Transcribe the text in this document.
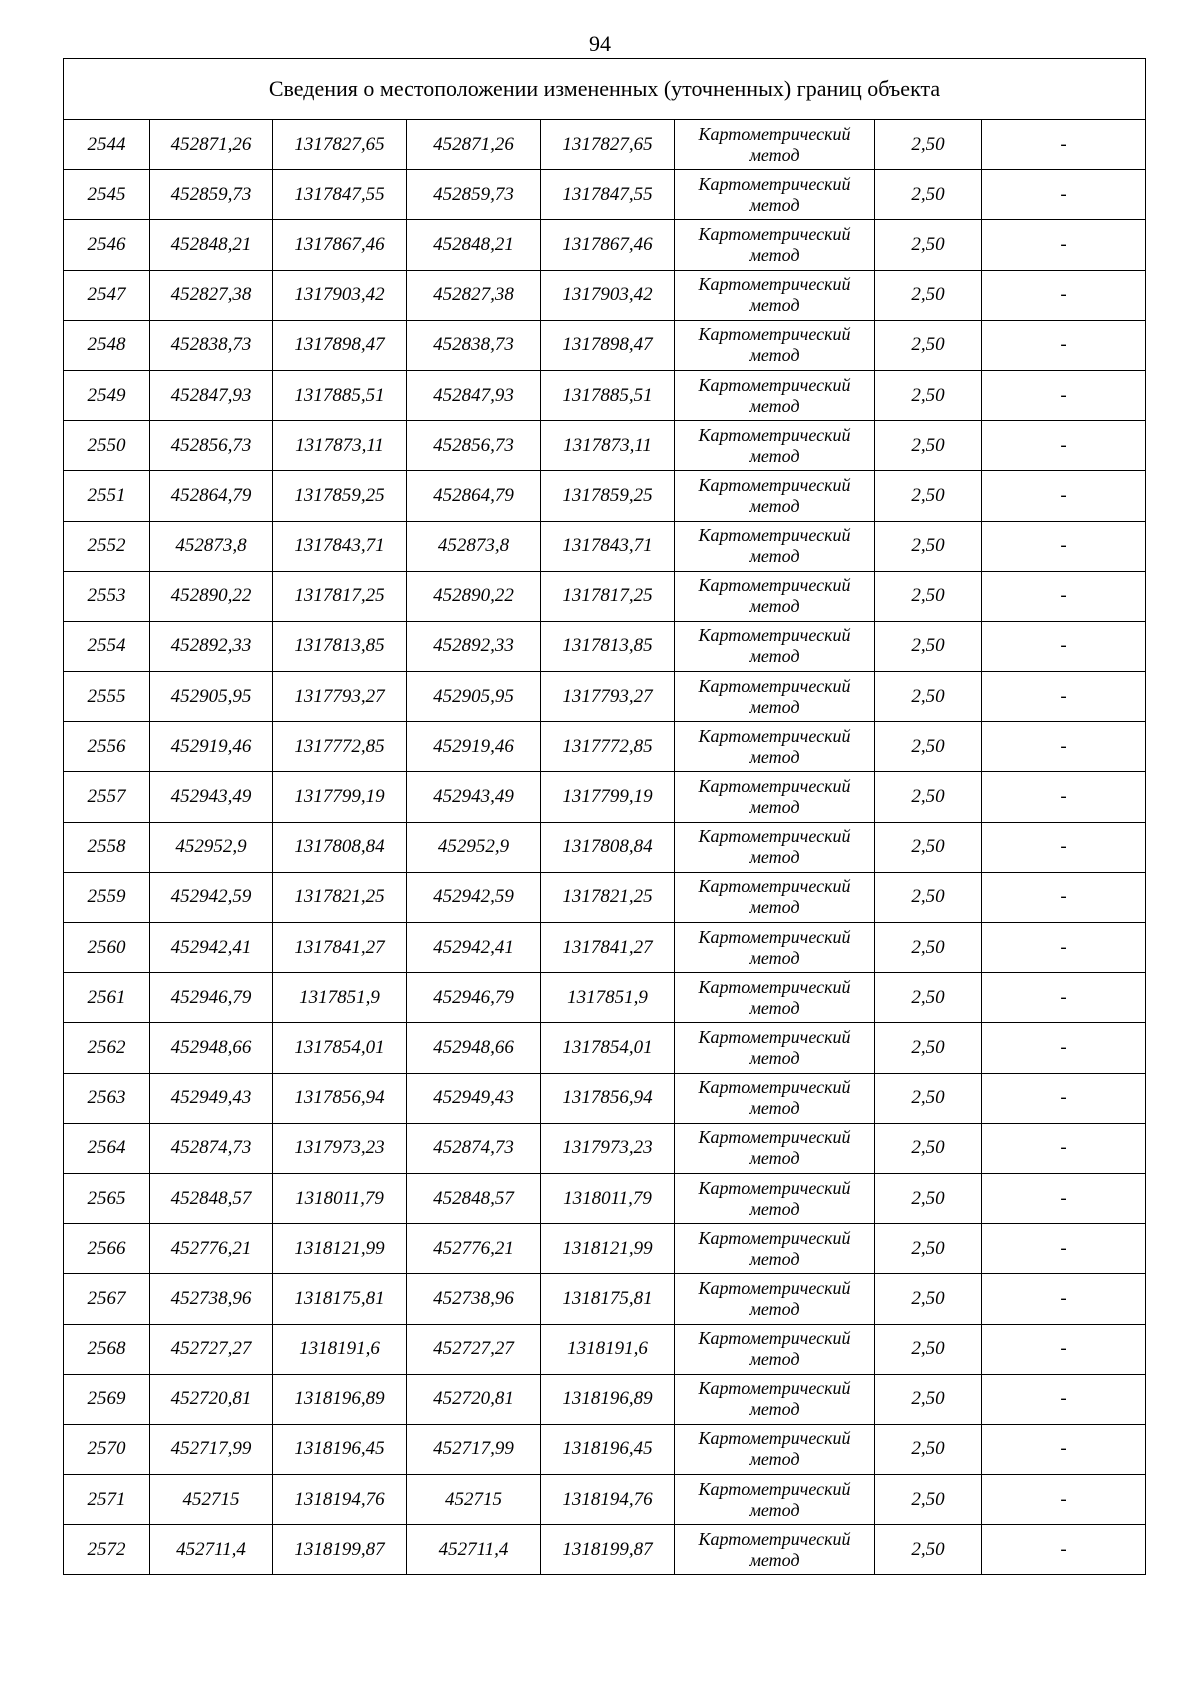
94
Сведения о местоположении измененных (уточненных) границ объекта							
2544	452871,26	1317827,65	452871,26	1317827,65	Картометрический
метод	2,50	-
2545	452859,73	1317847,55	452859,73	1317847,55	Картометрический
метод	2,50	-
2546	452848,21	1317867,46	452848,21	1317867,46	Картометрический
метод	2,50	-
2547	452827,38	1317903,42	452827,38	1317903,42	Картометрический
метод	2,50	-
2548	452838,73	1317898,47	452838,73	1317898,47	Картометрический
метод	2,50	-
2549	452847,93	1317885,51	452847,93	1317885,51	Картометрический
метод	2,50	-
2550	452856,73	1317873,11	452856,73	1317873,11	Картометрический
метод	2,50	-
2551	452864,79	1317859,25	452864,79	1317859,25	Картометрический
метод	2,50	-
2552	452873,8	1317843,71	452873,8	1317843,71	Картометрический
метод	2,50	-
2553	452890,22	1317817,25	452890,22	1317817,25	Картометрический
метод	2,50	-
2554	452892,33	1317813,85	452892,33	1317813,85	Картометрический
метод	2,50	-
2555	452905,95	1317793,27	452905,95	1317793,27	Картометрический
метод	2,50	-
2556	452919,46	1317772,85	452919,46	1317772,85	Картометрический
метод	2,50	-
2557	452943,49	1317799,19	452943,49	1317799,19	Картометрический
метод	2,50	-
2558	452952,9	1317808,84	452952,9	1317808,84	Картометрический
метод	2,50	-
2559	452942,59	1317821,25	452942,59	1317821,25	Картометрический
метод	2,50	-
2560	452942,41	1317841,27	452942,41	1317841,27	Картометрический
метод	2,50	-
2561	452946,79	1317851,9	452946,79	1317851,9	Картометрический
метод	2,50	-
2562	452948,66	1317854,01	452948,66	1317854,01	Картометрический
метод	2,50	-
2563	452949,43	1317856,94	452949,43	1317856,94	Картометрический
метод	2,50	-
2564	452874,73	1317973,23	452874,73	1317973,23	Картометрический
метод	2,50	-
2565	452848,57	1318011,79	452848,57	1318011,79	Картометрический
метод	2,50	-
2566	452776,21	1318121,99	452776,21	1318121,99	Картометрический
метод	2,50	-
2567	452738,96	1318175,81	452738,96	1318175,81	Картометрический
метод	2,50	-
2568	452727,27	1318191,6	452727,27	1318191,6	Картометрический
метод	2,50	-
2569	452720,81	1318196,89	452720,81	1318196,89	Картометрический
метод	2,50	-
2570	452717,99	1318196,45	452717,99	1318196,45	Картометрический
метод	2,50	-
2571	452715	1318194,76	452715	1318194,76	Картометрический
метод	2,50	-
2572	452711,4	1318199,87	452711,4	1318199,87	Картометрический
метод	2,50	-
